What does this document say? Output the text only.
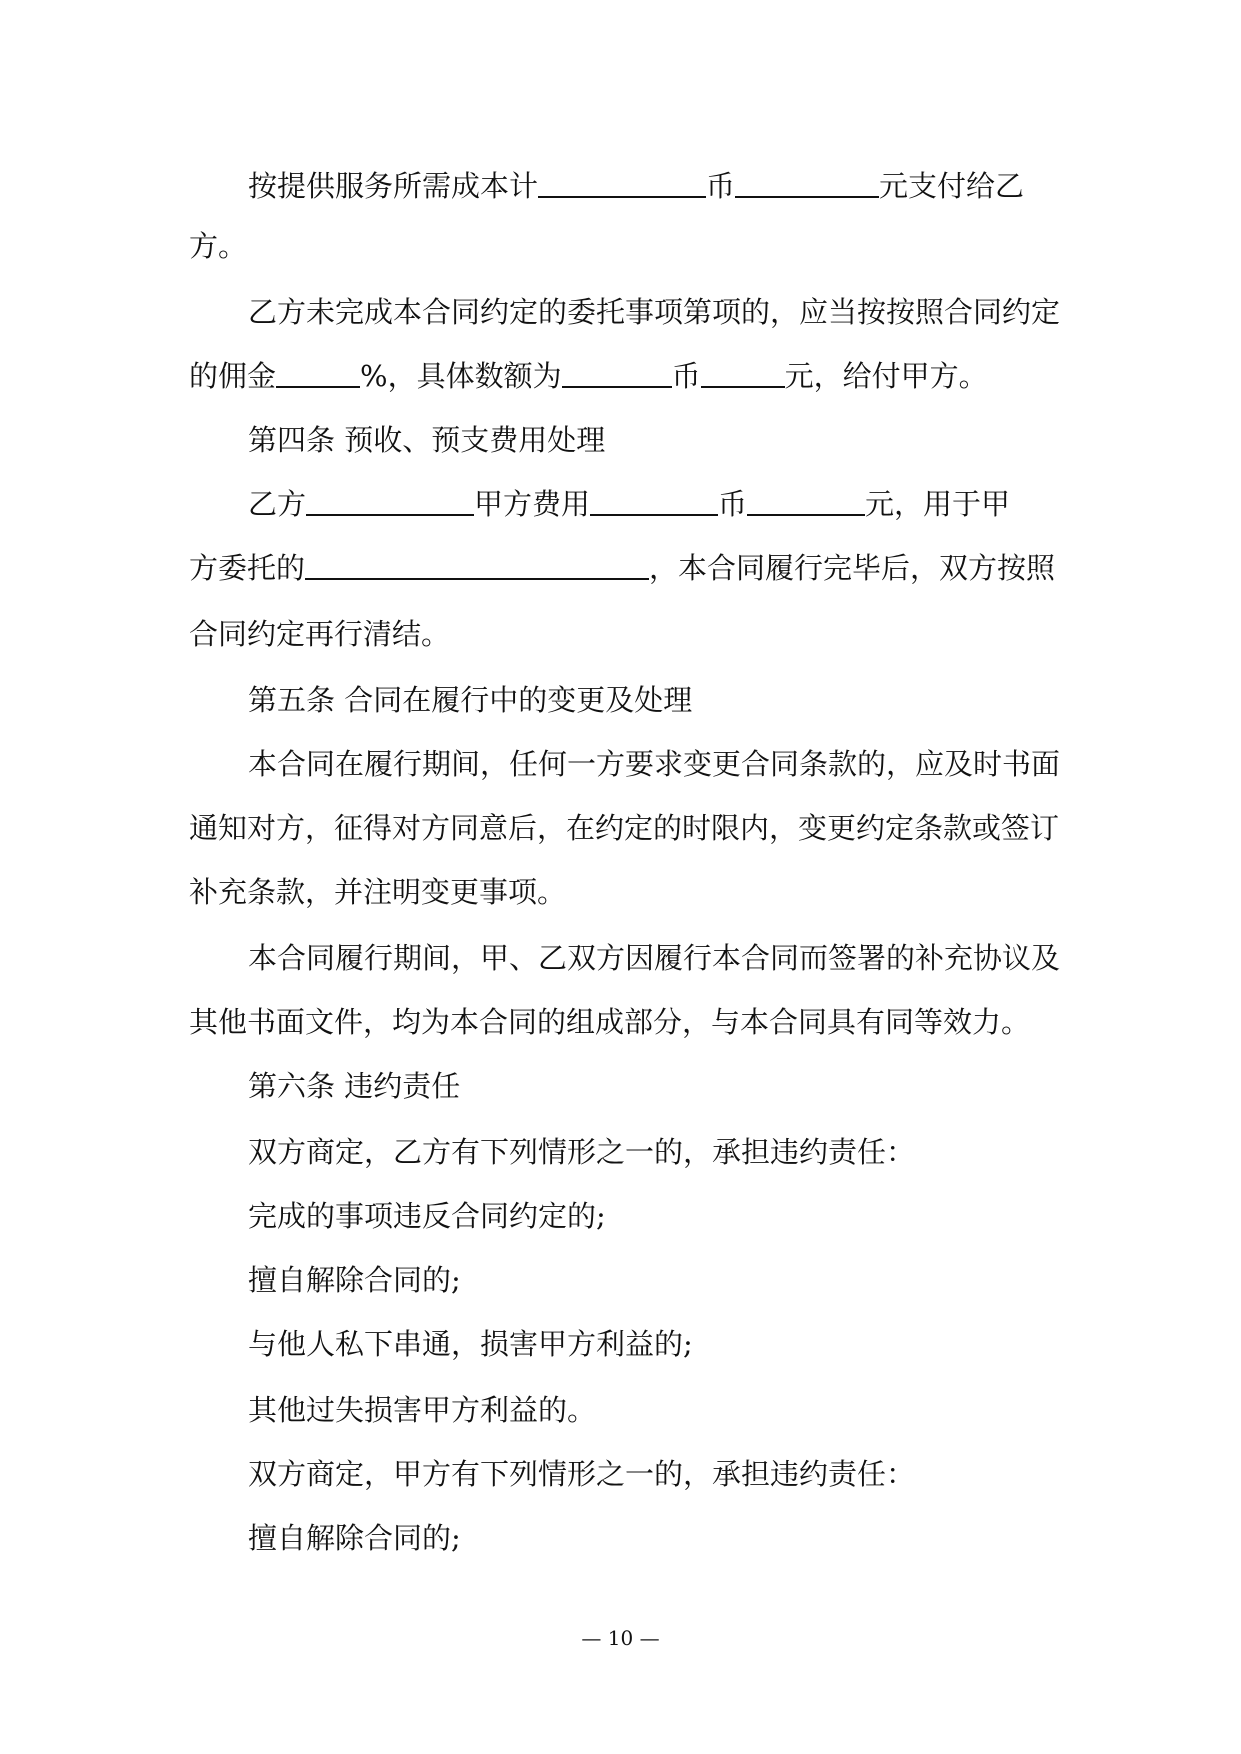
按提供服务所需成本计	币	元支付给乙
方。
乙方未完成本合同约定的委托事项第项的，应当按按照合同约定
的佣金	%，具体数额为	币	元，给付甲方。
第四条 预收、预支费用处理
乙方	甲方费用	币	元，用于甲
方委托的	，本合同履行完毕后，双方按照
合同约定再行清结。
第五条 合同在履行中的变更及处理
本合同在履行期间，任何一方要求变更合同条款的，应及时书面
通知对方，征得对方同意后，在约定的时限内，变更约定条款或签订
补充条款，并注明变更事项。
本合同履行期间，甲、乙双方因履行本合同而签署的补充协议及
其他书面文件，均为本合同的组成部分，与本合同具有同等效力。
第六条 违约责任
双方商定，乙方有下列情形之一的，承担违约责任：
完成的事项违反合同约定的;
擅自解除合同的;
与他人私下串通，损害甲方利益的;
其他过失损害甲方利益的。
双方商定，甲方有下列情形之一的，承担违约责任：
擅自解除合同的;
— 10 —
